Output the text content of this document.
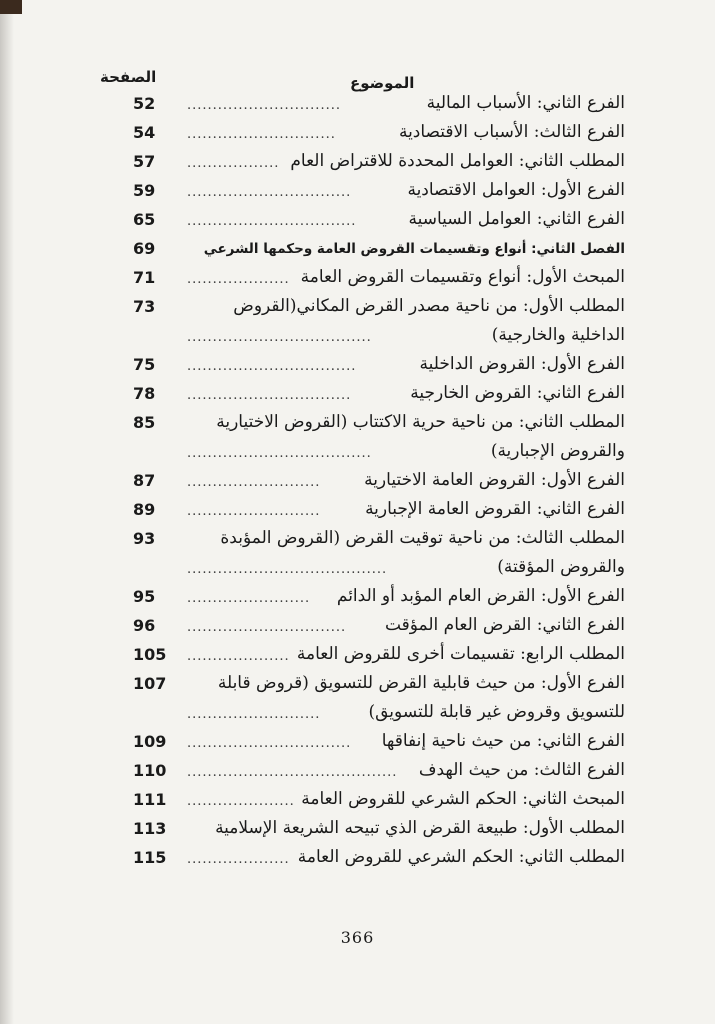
الصفحة	الموضوع
الفرع الثاني: الأسباب المالية
..............................
52
الفرع الثالث: الأسباب الاقتصادية
.............................
54
المطلب الثاني: العوامل المحددة للاقتراض العام
..................
57
الفرع الأول: العوامل الاقتصادية
................................
59
الفرع الثاني: العوامل السياسية
.................................
65
الفصل الثاني: أنواع وتقسيمات القروض العامة وحكمها الشرعي
69
المبحث الأول: أنواع وتقسيمات القروض العامة
....................
71
المطلب الأول: من ناحية مصدر القرض المكاني(القروض
73
الداخلية والخارجية)
....................................
الفرع الأول: القروض الداخلية
.................................
75
الفرع الثاني: القروض الخارجية
................................
78
المطلب الثاني: من ناحية حرية الاكتتاب (القروض الاختيارية
85
والقروض الإجبارية)
....................................
الفرع الأول: القروض العامة الاختيارية
..........................
87
الفرع الثاني: القروض العامة الإجبارية
..........................
89
المطلب الثالث: من ناحية توقيت القرض (القروض المؤبدة
93
والقروض المؤقتة)
.......................................
الفرع الأول: القرض العام المؤبد أو الدائم
........................
95
الفرع الثاني: القرض العام المؤقت
...............................
96
المطلب الرابع: تقسيمات أخرى للقروض العامة
....................
105
الفرع الأول: من حيث قابلية القرض للتسويق (قروض قابلة
107
للتسويق وقروض غير قابلة للتسويق)
..........................
الفرع الثاني: من حيث ناحية إنفاقها
................................
109
الفرع الثالث: من حيث الهدف
.........................................
110
المبحث الثاني: الحكم الشرعي للقروض العامة
.....................
111
المطلب الأول: طبيعة القرض الذي تبيحه الشريعة الإسلامية
113
المطلب الثاني: الحكم الشرعي للقروض العامة
....................
115
366
